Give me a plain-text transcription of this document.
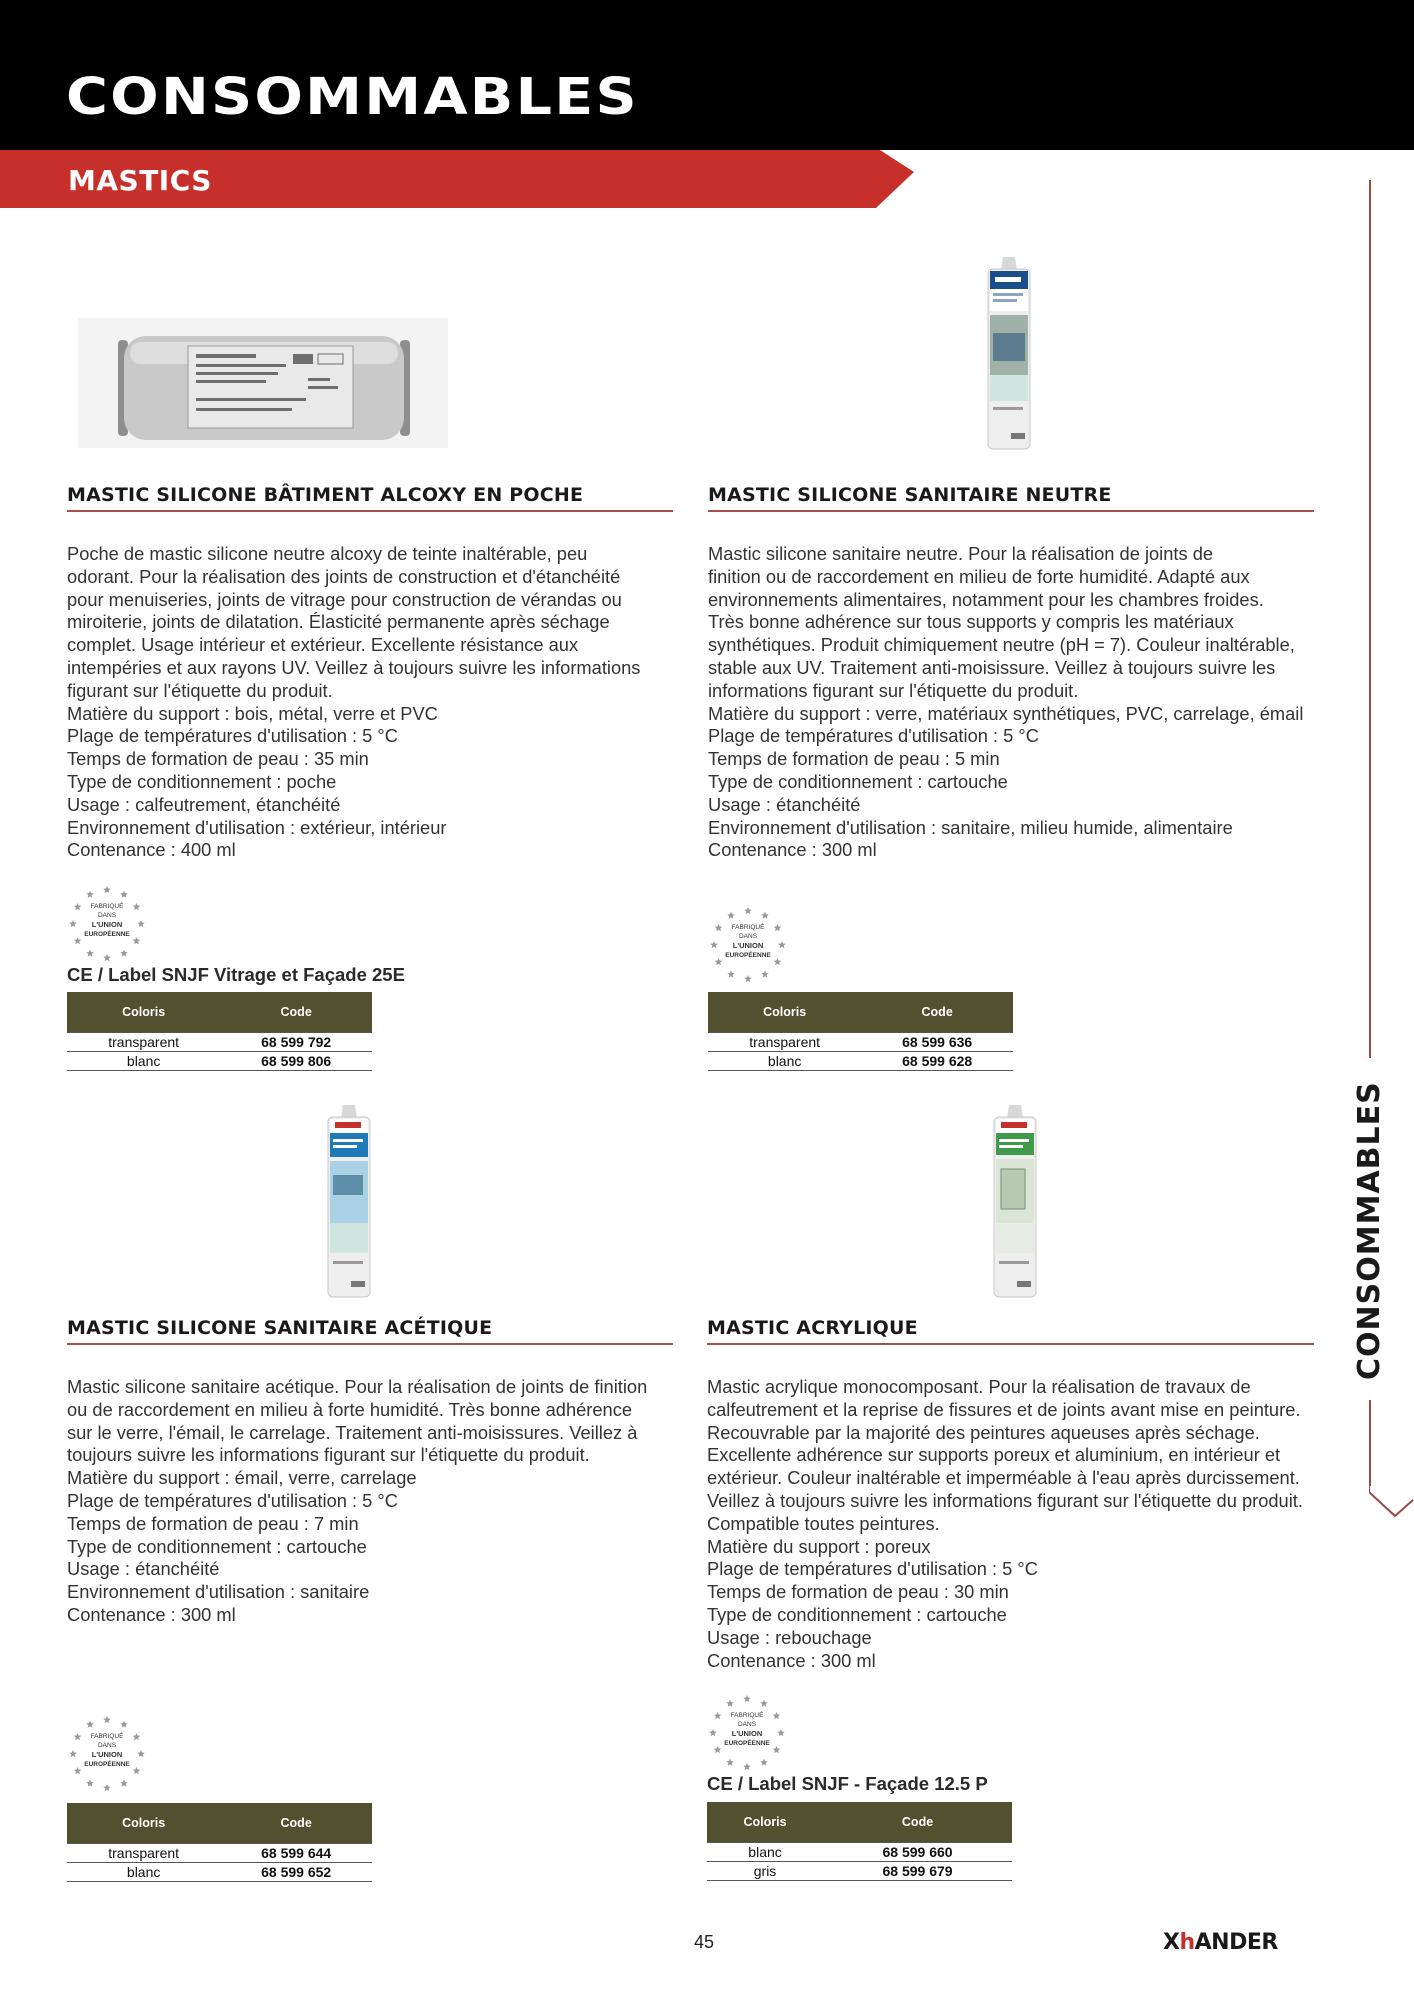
CONSOMMABLES
MASTICS
CONSOMMABLES
MASTIC SILICONE BÂTIMENT ALCOXY EN POCHE

Poche de mastic silicone neutre alcoxy de teinte inaltérable, peu

odorant. Pour la réalisation des joints de construction et d'étanchéité

pour menuiseries, joints de vitrage pour construction de vérandas ou

miroiterie, joints de dilatation. Élasticité permanente après séchage

complet. Usage intérieur et extérieur. Excellente résistance aux

intempéries et aux rayons UV. Veillez à toujours suivre les informations

figurant sur l'étiquette du produit.

Matière du support : bois, métal, verre et PVC

Plage de températures d'utilisation : 5 °C

Temps de formation de peau : 35 min

Type de conditionnement : poche

Usage : calfeutrement, étanchéité

Environnement d'utilisation : extérieur, intérieur

Contenance : 400 ml

FABRIQUÉ
DANS
L'UNION
EUROPÉENNE
CE / Label SNJF Vitrage et Façade 25E
Coloris	Code
transparent	68 599 792
blanc	68 599 806
MASTIC SILICONE SANITAIRE NEUTRE

Mastic silicone sanitaire neutre. Pour la réalisation de joints de

finition ou de raccordement en milieu de forte humidité. Adapté aux

environnements alimentaires, notamment pour les chambres froides.

Très bonne adhérence sur tous supports y compris les matériaux

synthétiques. Produit chimiquement neutre (pH = 7). Couleur inaltérable,

stable aux UV. Traitement anti-moisissure. Veillez à toujours suivre les

informations figurant sur l'étiquette du produit.

Matière du support : verre, matériaux synthétiques, PVC, carrelage, émail

Plage de températures d'utilisation : 5 °C

Temps de formation de peau : 5 min

Type de conditionnement : cartouche

Usage : étanchéité

Environnement d'utilisation : sanitaire, milieu humide, alimentaire

Contenance : 300 ml

FABRIQUÉ
DANS
L'UNION
EUROPÉENNE
Coloris	Code
transparent	68 599 636
blanc	68 599 628
MASTIC SILICONE SANITAIRE ACÉTIQUE

Mastic silicone sanitaire acétique. Pour la réalisation de joints de finition

ou de raccordement en milieu à forte humidité. Très bonne adhérence

sur le verre, l'émail, le carrelage. Traitement anti-moisissures. Veillez à

toujours suivre les informations figurant sur l'étiquette du produit.

Matière du support : émail, verre, carrelage

Plage de températures d'utilisation : 5 °C

Temps de formation de peau : 7 min

Type de conditionnement : cartouche

Usage : étanchéité

Environnement d'utilisation : sanitaire

Contenance : 300 ml

FABRIQUÉ
DANS
L'UNION
EUROPÉENNE
Coloris	Code
transparent	68 599 644
blanc	68 599 652
MASTIC ACRYLIQUE

Mastic acrylique monocomposant. Pour la réalisation de travaux de

calfeutrement et la reprise de fissures et de joints avant mise en peinture.

Recouvrable par la majorité des peintures aqueuses après séchage.

Excellente adhérence sur supports poreux et aluminium, en intérieur et

extérieur. Couleur inaltérable et imperméable à l'eau après durcissement.

Veillez à toujours suivre les informations figurant sur l'étiquette du produit.

Compatible toutes peintures.

Matière du support : poreux

Plage de températures d'utilisation : 5 °C

Temps de formation de peau : 30 min

Type de conditionnement : cartouche

Usage : rebouchage

Contenance : 300 ml

FABRIQUÉ
DANS
L'UNION
EUROPÉENNE
CE / Label SNJF - Façade 12.5 P
Coloris	Code
blanc	68 599 660
gris	68 599 679
45	XhANDER
